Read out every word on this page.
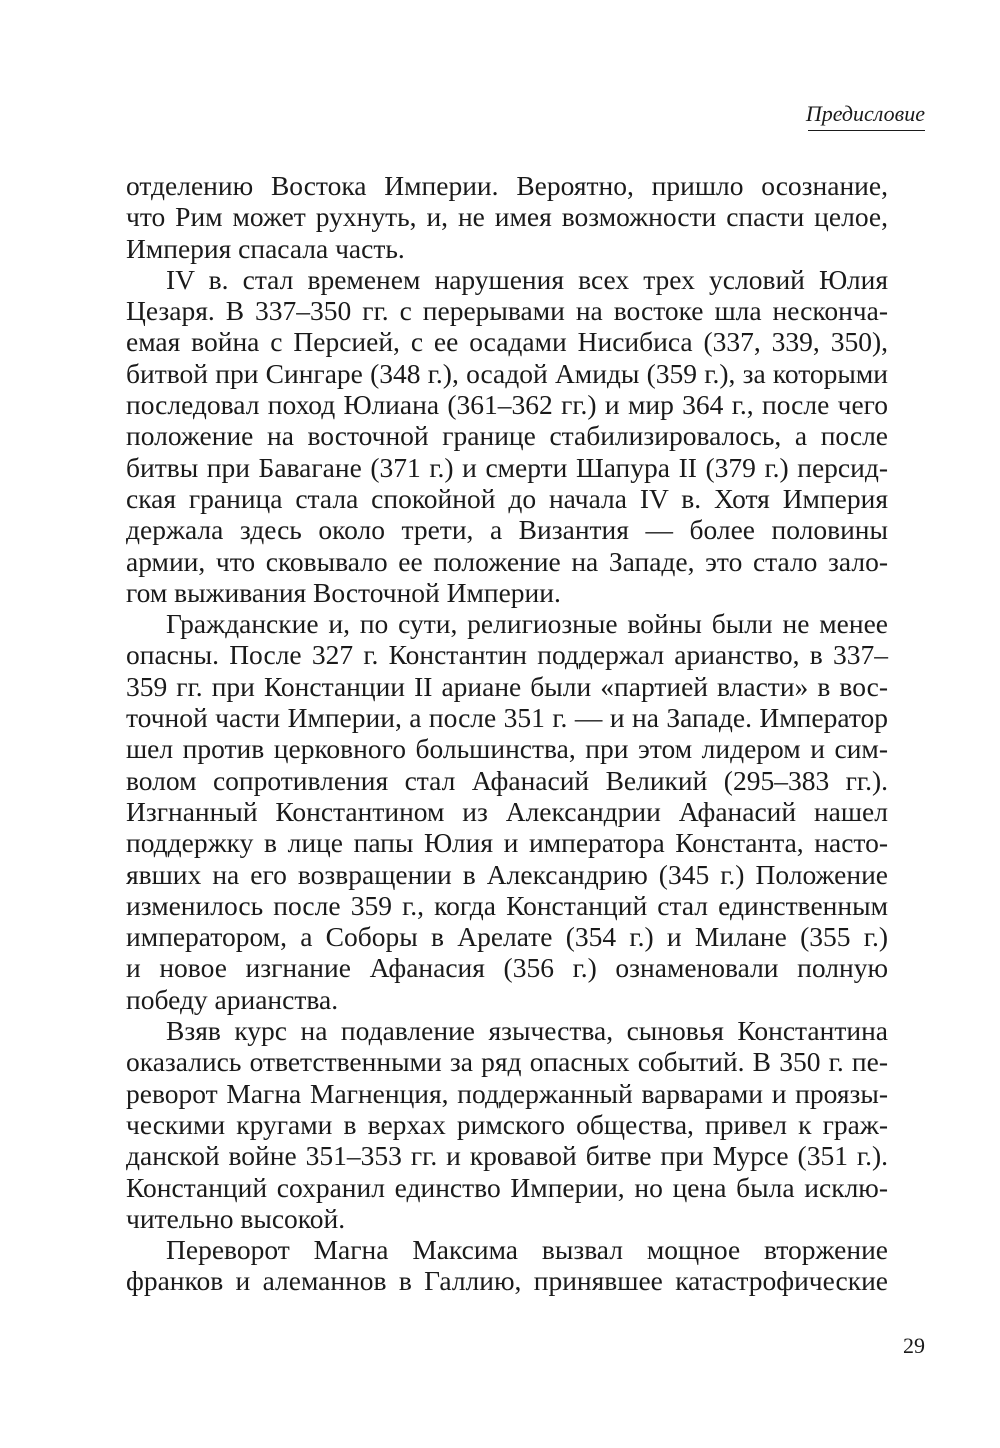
Предисловие
отделению Востока Империи. Вероятно, пришло осознание,
что Рим может рухнуть, и, не имея возможности спасти целое,
Империя спасала часть.
IV в. стал временем нарушения всех трех условий Юлия
Цезаря. В 337–350 гг. с перерывами на востоке шла несконча-
емая война с Персией, с ее осадами Нисибиса (337, 339, 350),
битвой при Сингаре (348 г.), осадой Амиды (359 г.), за которыми
последовал поход Юлиана (361–362 гг.) и мир 364 г., после чего
положение на восточной границе стабилизировалось, а после
битвы при Бавагане (371 г.) и смерти Шапура II (379 г.) персид-
ская граница стала спокойной до начала IV в. Хотя Империя
держала здесь около трети, а Византия — более половины
армии, что сковывало ее положение на Западе, это стало зало-
гом выживания Восточной Империи.
Гражданские и, по сути, религиозные войны были не менее
опасны. После 327 г. Константин поддержал арианство, в 337–
359 гг. при Констанции II ариане были «партией власти» в вос-
точной части Империи, а после 351 г. — и на Западе. Император
шел против церковного большинства, при этом лидером и сим-
волом сопротивления стал Афанасий Великий (295–383 гг.).
Изгнанный Константином из Александрии Афанасий нашел
поддержку в лице папы Юлия и императора Константа, насто-
явших на его возвращении в Александрию (345 г.) Положение
изменилось после 359 г., когда Констанций стал единственным
императором, а Соборы в Арелате (354 г.) и Милане (355 г.)
и новое изгнание Афанасия (356 г.) ознаменовали полную
победу арианства.
Взяв курс на подавление язычества, сыновья Константина
оказались ответственными за ряд опасных событий. В 350 г. пе-
реворот Магна Магненция, поддержанный варварами и проязы-
ческими кругами в верхах римского общества, привел к граж-
данской войне 351–353 гг. и кровавой битве при Мурсе (351 г.).
Констанций сохранил единство Империи, но цена была исклю-
чительно высокой.
Переворот Магна Максима вызвал мощное вторжение
франков и алеманнов в Галлию, принявшее катастрофические
29
